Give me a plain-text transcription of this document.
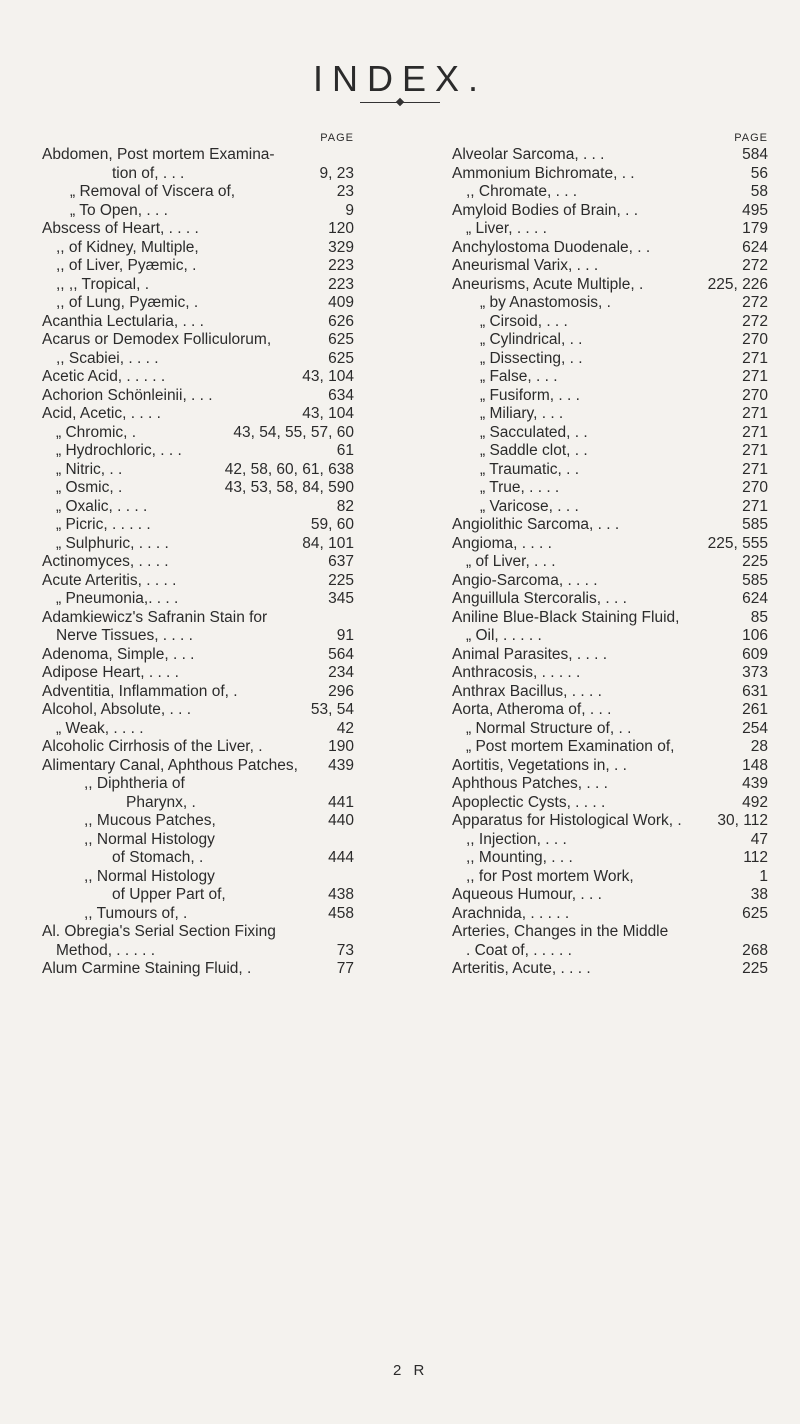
INDEX.
PAGE
Abdomen, Post mortem Examina-
tion of, . . .	9, 23
„ Removal of Viscera of,	23
„ To Open, . . .	9
Abscess of Heart, . . . .	120
,, of Kidney, Multiple,	329
,, of Liver, Pyæmic, .	223
,, ,, Tropical, .	223
,, of Lung, Pyæmic, .	409
Acanthia Lectularia, . . .	626
Acarus or Demodex Folliculorum,	625
,, Scabiei, . . . .	625
Acetic Acid, . . . . .	43, 104
Achorion Schönleinii, . . .	634
Acid, Acetic, . . . .	43, 104
„ Chromic, .	43, 54, 55, 57, 60
„ Hydrochloric, . . .	61
„ Nitric, . .	42, 58, 60, 61, 638
„ Osmic, .	43, 53, 58, 84, 590
„ Oxalic, . . . .	82
„ Picric, . . . . .	59, 60
„ Sulphuric, . . . .	84, 101
Actinomyces, . . . .	637
Acute Arteritis, . . . .	225
„ Pneumonia,. . . .	345
Adamkiewicz's Safranin Stain for
Nerve Tissues, . . . .	91
Adenoma, Simple, . . .	564
Adipose Heart, . . . .	234
Adventitia, Inflammation of, .	296
Alcohol, Absolute, . . .	53, 54
„ Weak, . . . .	42
Alcoholic Cirrhosis of the Liver, .	190
Alimentary Canal, Aphthous Patches,	439
,, Diphtheria of
Pharynx, .	441
,, Mucous Patches,	440
,, Normal Histology
of Stomach, .	444
,, Normal Histology
of Upper Part of,	438
,, Tumours of, .	458
Al. Obregia's Serial Section Fixing
Method, . . . . .	73
Alum Carmine Staining Fluid, .	77
PAGE
Alveolar Sarcoma, . . .	584
Ammonium Bichromate, . .	56
,, Chromate, . . .	58
Amyloid Bodies of Brain, . .	495
„ Liver, . . . .	179
Anchylostoma Duodenale, . .	624
Aneurismal Varix, . . .	272
Aneurisms, Acute Multiple, .	225, 226
„ by Anastomosis, .	272
„ Cirsoid, . . .	272
„ Cylindrical, . .	270
„ Dissecting, . .	271
„ False, . . .	271
„ Fusiform, . . .	270
„ Miliary, . . .	271
„ Sacculated, . .	271
„ Saddle clot, . .	271
„ Traumatic, . .	271
„ True, . . . .	270
„ Varicose, . . .	271
Angiolithic Sarcoma, . . .	585
Angioma, . . . .	225, 555
„ of Liver, . . .	225
Angio-Sarcoma, . . . .	585
Anguillula Stercoralis, . . .	624
Aniline Blue-Black Staining Fluid,	85
„ Oil, . . . . .	106
Animal Parasites, . . . .	609
Anthracosis, . . . . .	373
Anthrax Bacillus, . . . .	631
Aorta, Atheroma of, . . .	261
„ Normal Structure of, . .	254
„ Post mortem Examination of,	28
Aortitis, Vegetations in, . .	148
Aphthous Patches, . . .	439
Apoplectic Cysts, . . . .	492
Apparatus for Histological Work, .	30, 112
,, Injection, . . .	47
,, Mounting, . . .	112
,, for Post mortem Work,	1
Aqueous Humour, . . .	38
Arachnida, . . . . .	625
Arteries, Changes in the Middle
. Coat of, . . . . .	268
Arteritis, Acute, . . . .	225
2 R
